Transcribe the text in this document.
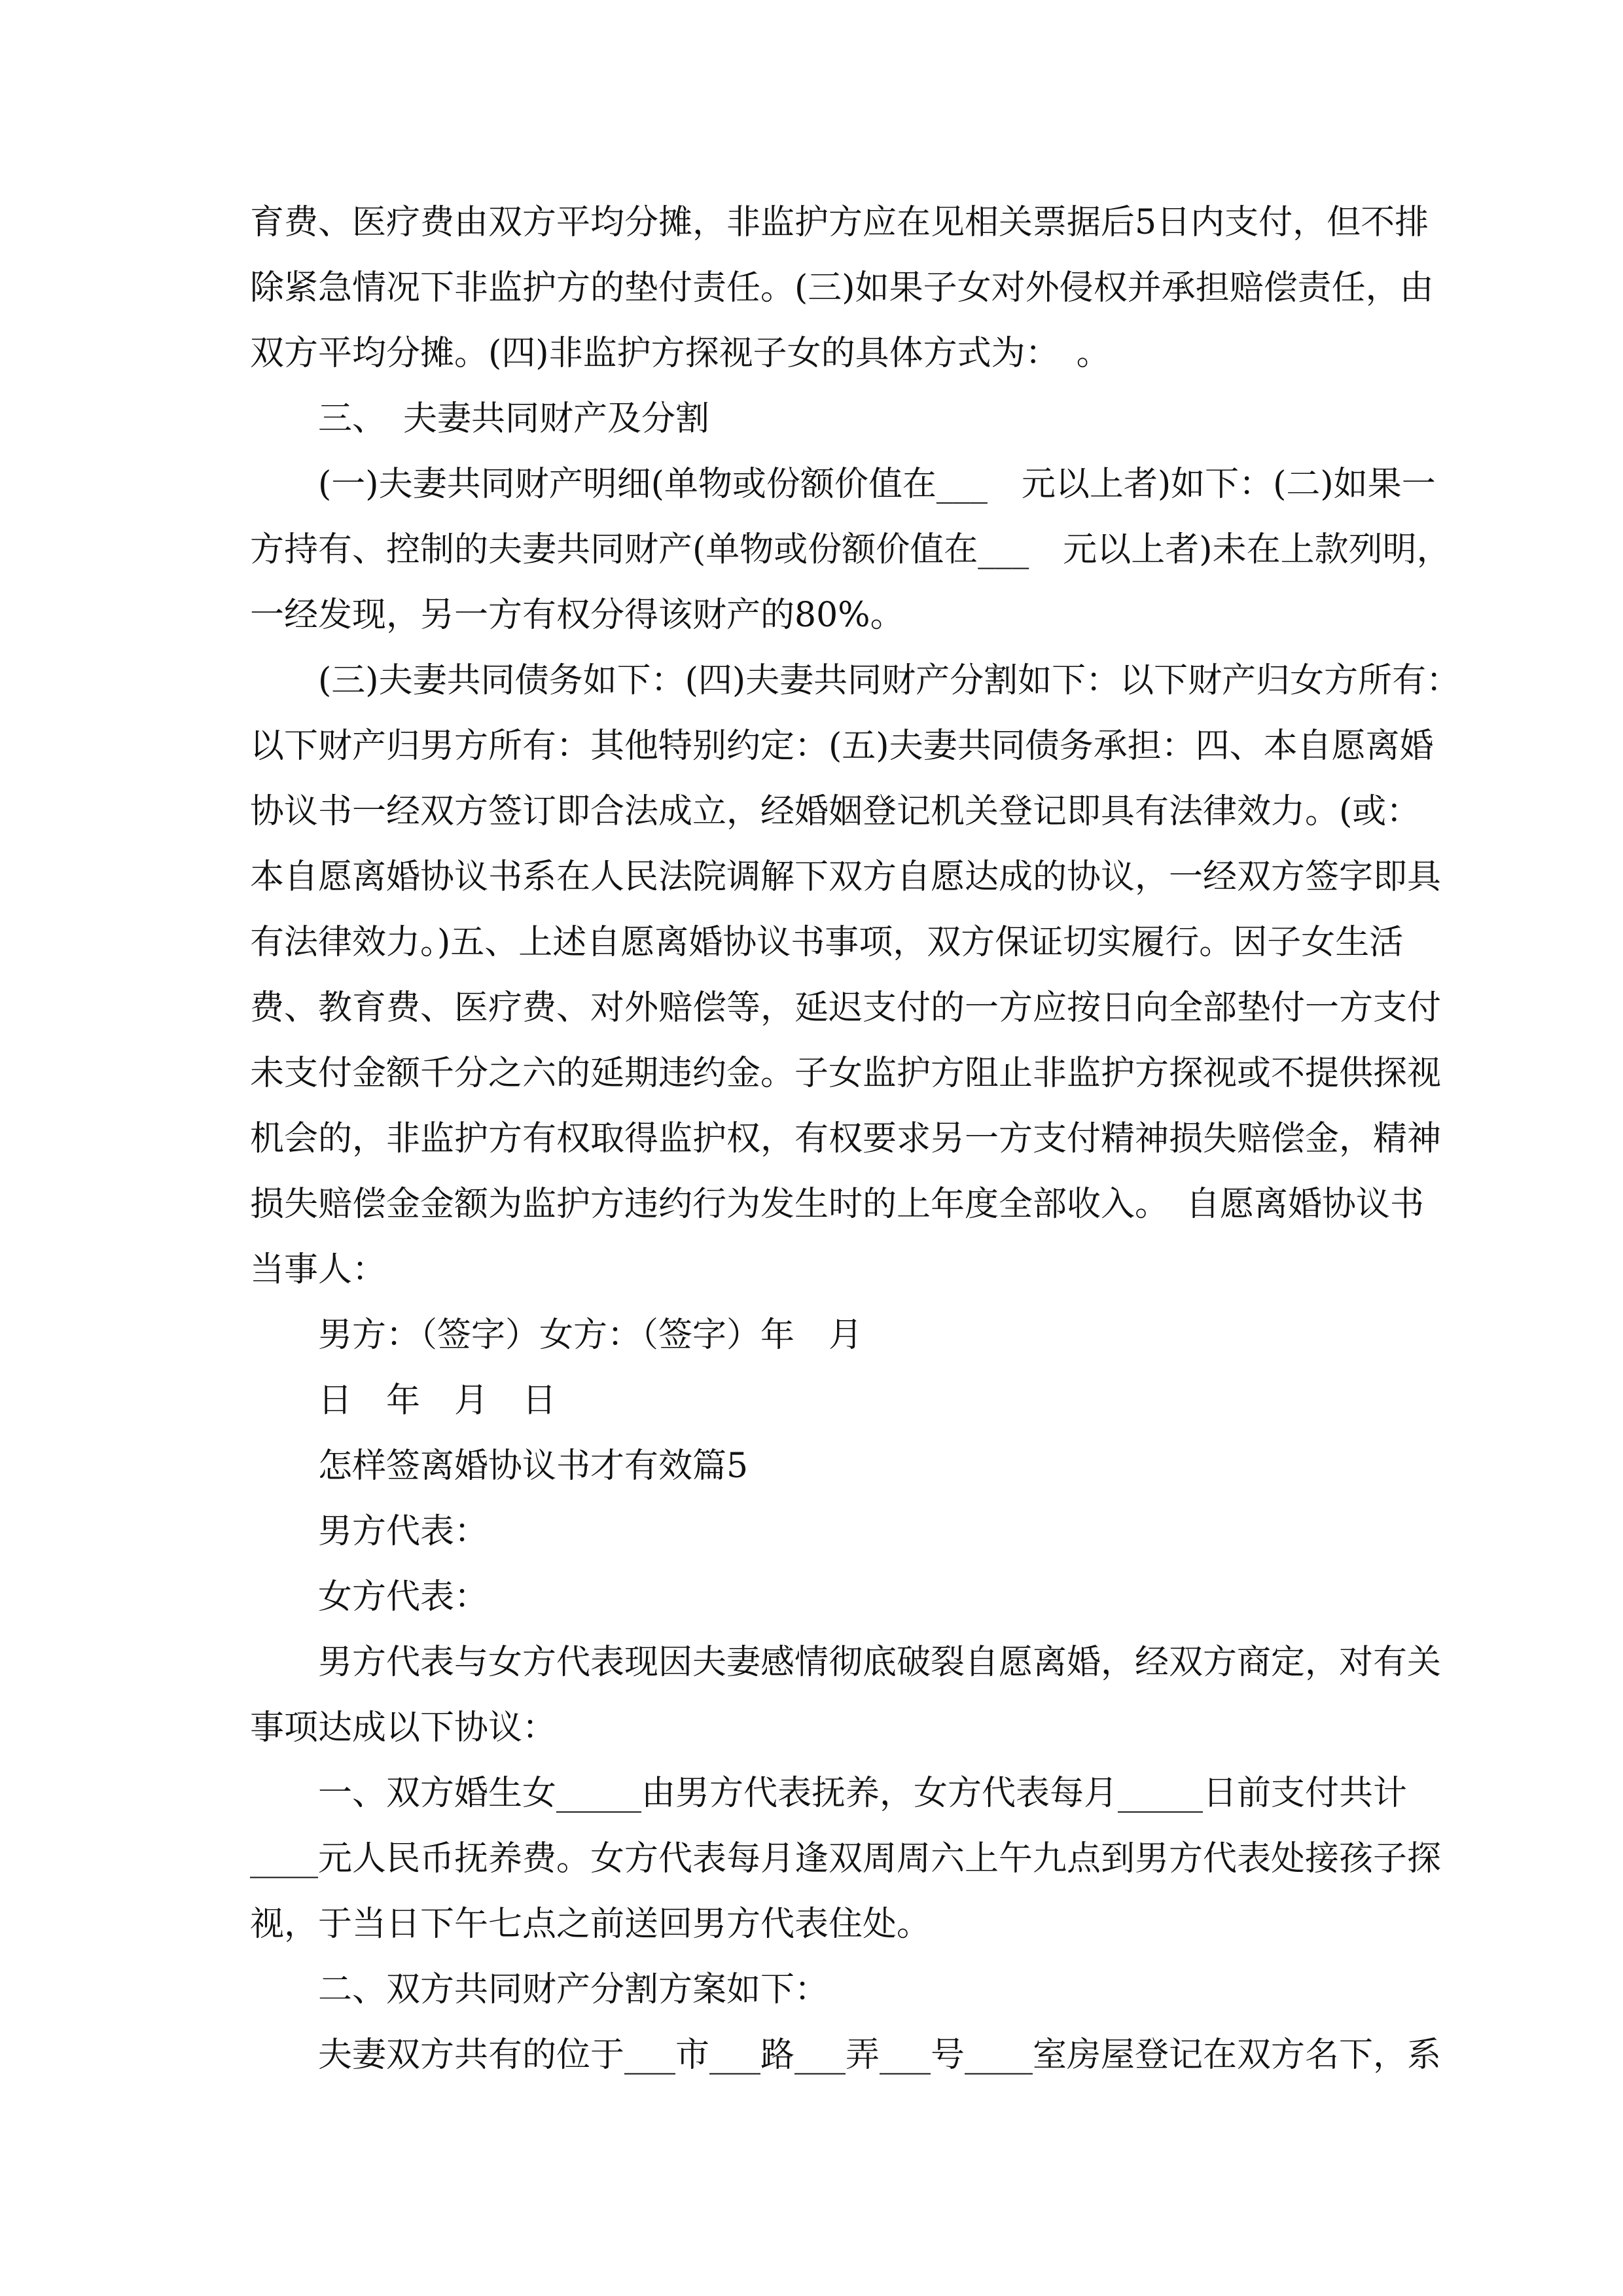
育费、医疗费由双方平均分摊，非监护方应在见相关票据后5日内支付，但不排
除紧急情况下非监护方的垫付责任。(三)如果子女对外侵权并承担赔偿责任，由
双方平均分摊。(四)非监护方探视子女的具体方式为：　。
三、　夫妻共同财产及分割
(一)夫妻共同财产明细(单物或份额价值在___　元以上者)如下：(二)如果一
方持有、控制的夫妻共同财产(单物或份额价值在___　元以上者)未在上款列明，
一经发现，另一方有权分得该财产的80%。
(三)夫妻共同债务如下：(四)夫妻共同财产分割如下：以下财产归女方所有：
以下财产归男方所有：其他特别约定：(五)夫妻共同债务承担：四、本自愿离婚
协议书一经双方签订即合法成立，经婚姻登记机关登记即具有法律效力。(或：
本自愿离婚协议书系在人民法院调解下双方自愿达成的协议，一经双方签字即具
有法律效力。)五、上述自愿离婚协议书事项，双方保证切实履行。因子女生活
费、教育费、医疗费、对外赔偿等，延迟支付的一方应按日向全部垫付一方支付
未支付金额千分之六的延期违约金。子女监护方阻止非监护方探视或不提供探视
机会的，非监护方有权取得监护权，有权要求另一方支付精神损失赔偿金，精神
损失赔偿金金额为监护方违约行为发生时的上年度全部收入。　自愿离婚协议书
当事人：
男方：（签字）女方：（签字）年　月
日　年　月　日
怎样签离婚协议书才有效篇5
男方代表：
女方代表：
男方代表与女方代表现因夫妻感情彻底破裂自愿离婚，经双方商定，对有关
事项达成以下协议：
一、双方婚生女_____由男方代表抚养，女方代表每月_____日前支付共计
____元人民币抚养费。女方代表每月逢双周周六上午九点到男方代表处接孩子探
视，于当日下午七点之前送回男方代表住处。
二、双方共同财产分割方案如下：
夫妻双方共有的位于___市___路___弄___号____室房屋登记在双方名下，系
